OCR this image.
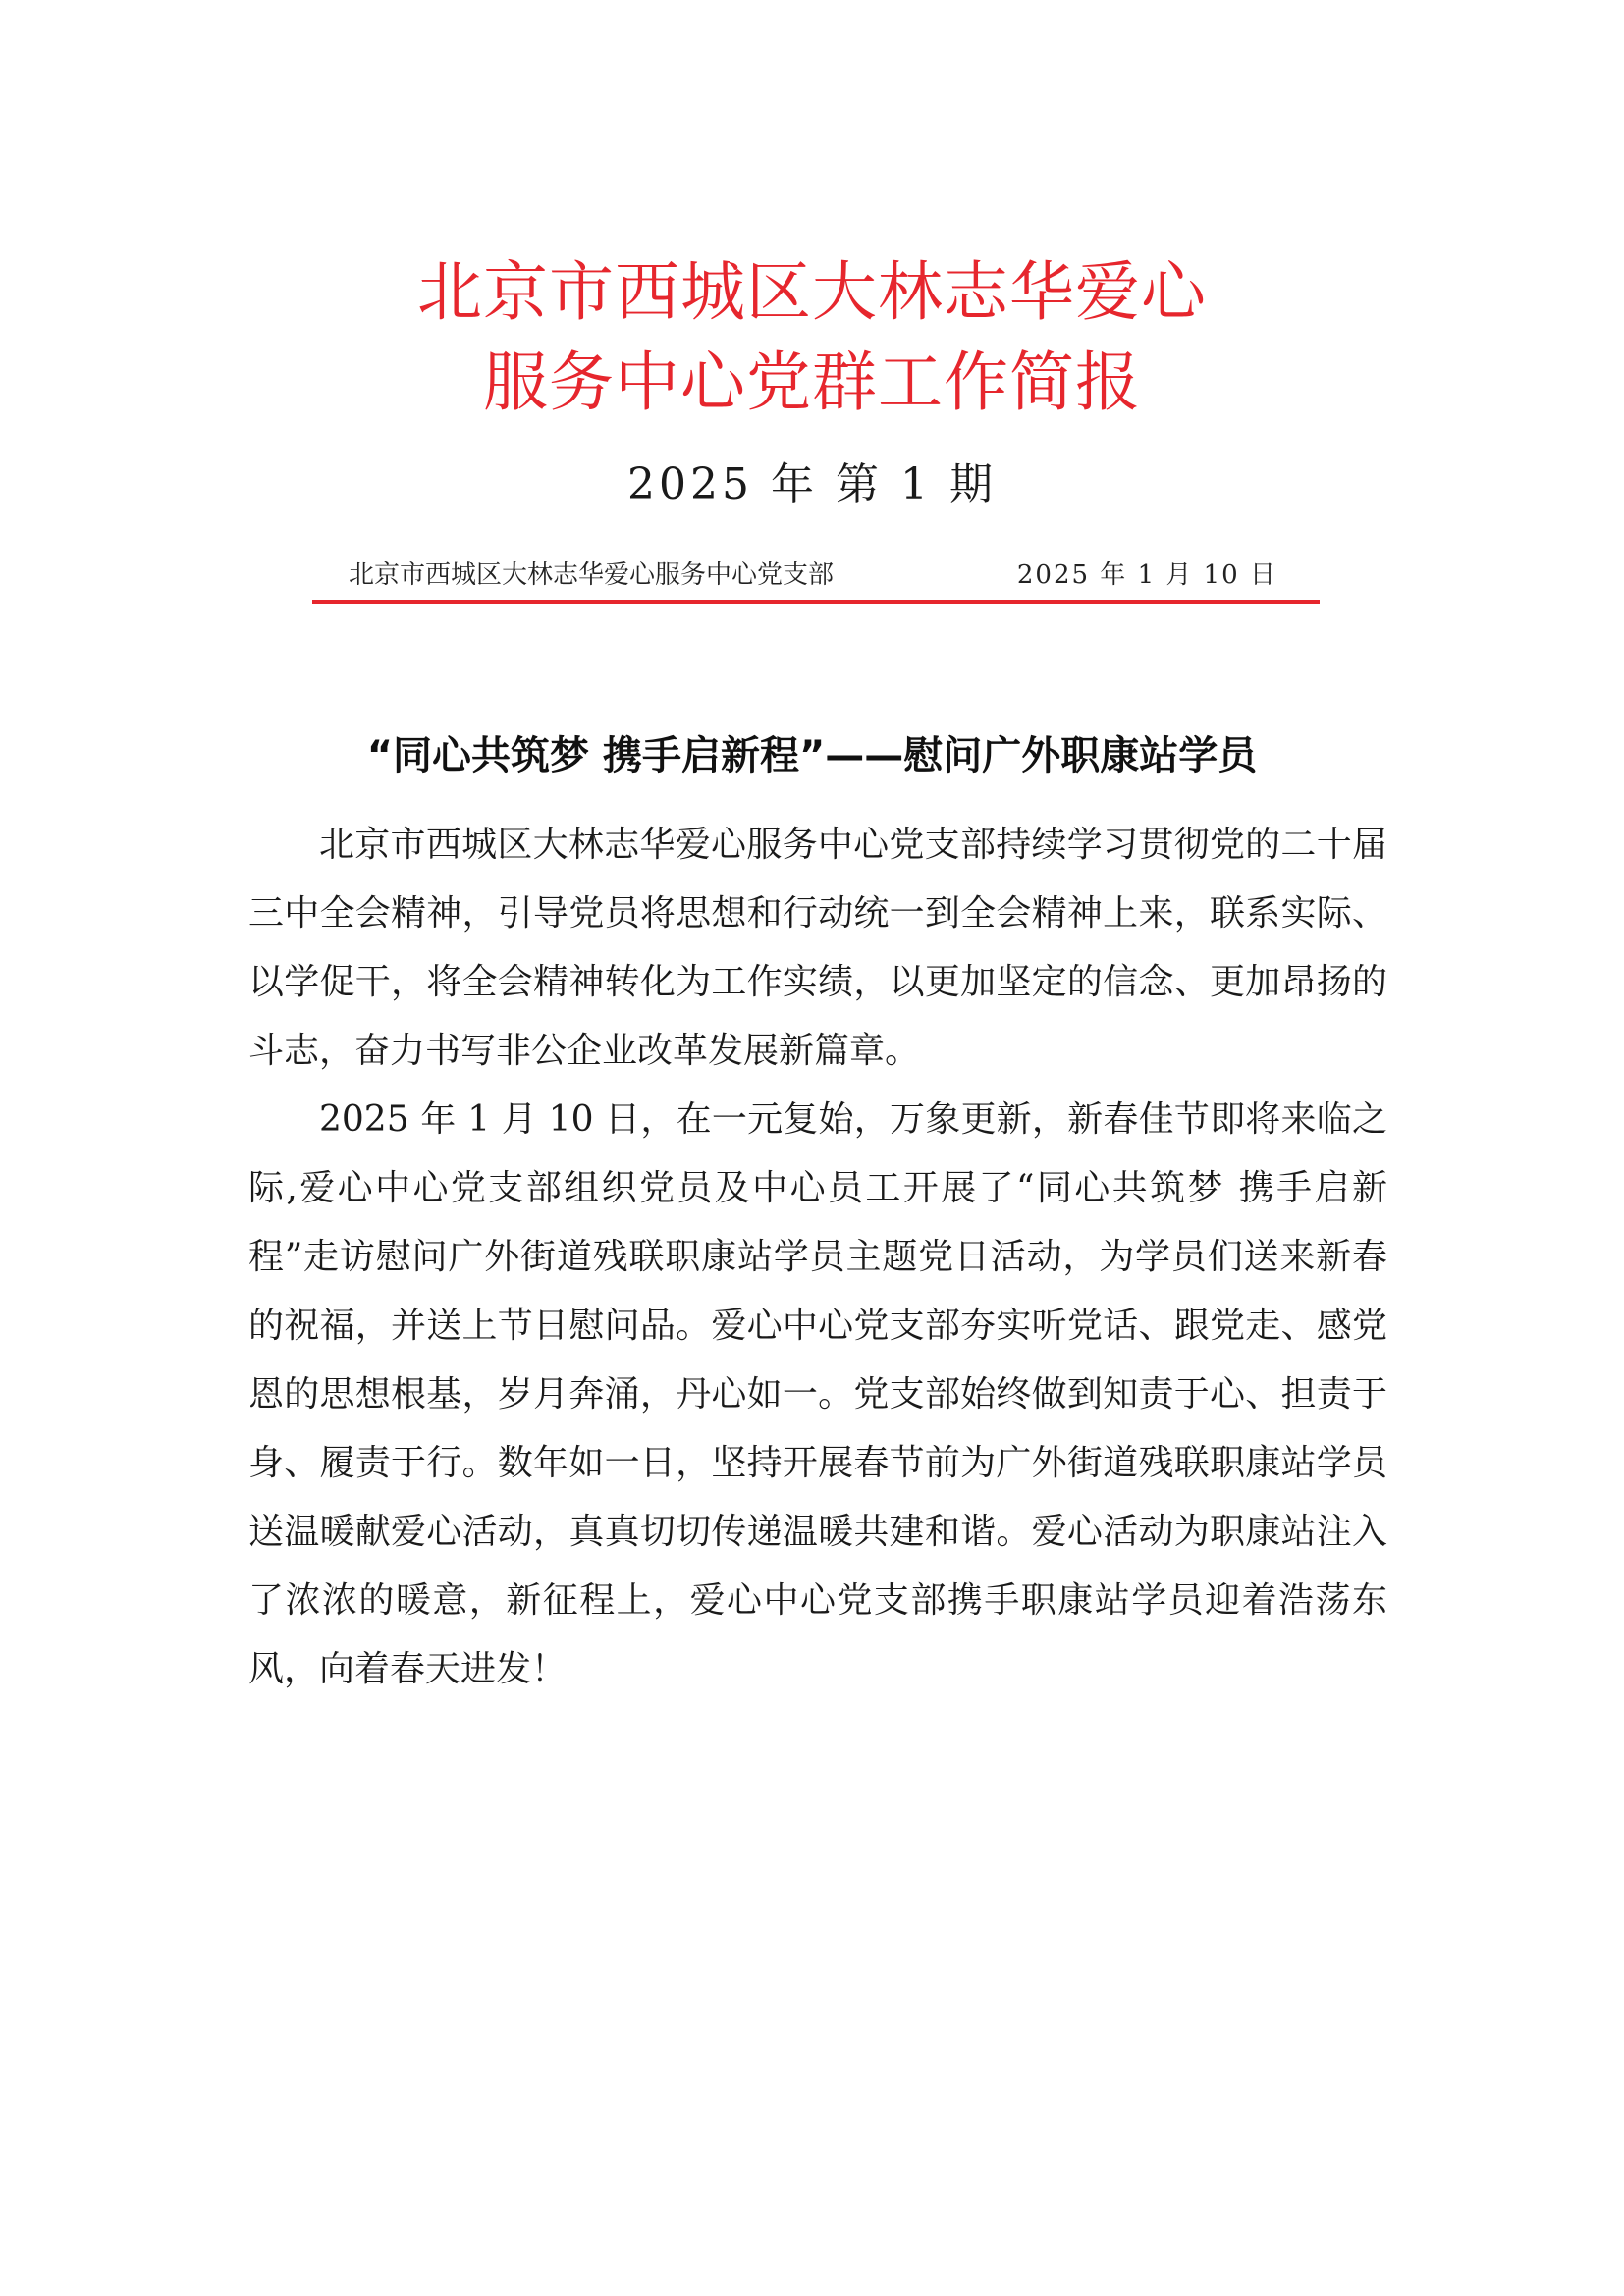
北京市西城区大林志华爱心
服务中心党群工作简报
2025 年 第 1 期
北京市西城区大林志华爱心服务中心党支部	2025 年 1 月 10 日
“同心共筑梦 携手启新程”——慰问广外职康站学员

北京市西城区大林志华爱心服务中心党支部持续学习贯彻党的二十届三中全会精神，引导党员将思想和行动统一到全会精神上来，联系实际、以学促干，将全会精神转化为工作实绩，以更加坚定的信念、更加昂扬的斗志，奋力书写非公企业改革发展新篇章。

2025 年 1 月 10 日，在一元复始，万象更新，新春佳节即将来临之际,爱心中心党支部组织党员及中心员工开展了“同心共筑梦 携手启新程”走访慰问广外街道残联职康站学员主题党日活动，为学员们送来新春的祝福，并送上节日慰问品。爱心中心党支部夯实听党话、跟党走、感党恩的思想根基，岁月奔涌，丹心如一。党支部始终做到知责于心、担责于身、履责于行。数年如一日，坚持开展春节前为广外街道残联职康站学员送温暖献爱心活动，真真切切传递温暖共建和谐。爱心活动为职康站注入了浓浓的暖意，新征程上，爱心中心党支部携手职康站学员迎着浩荡东风，向着春天进发！
